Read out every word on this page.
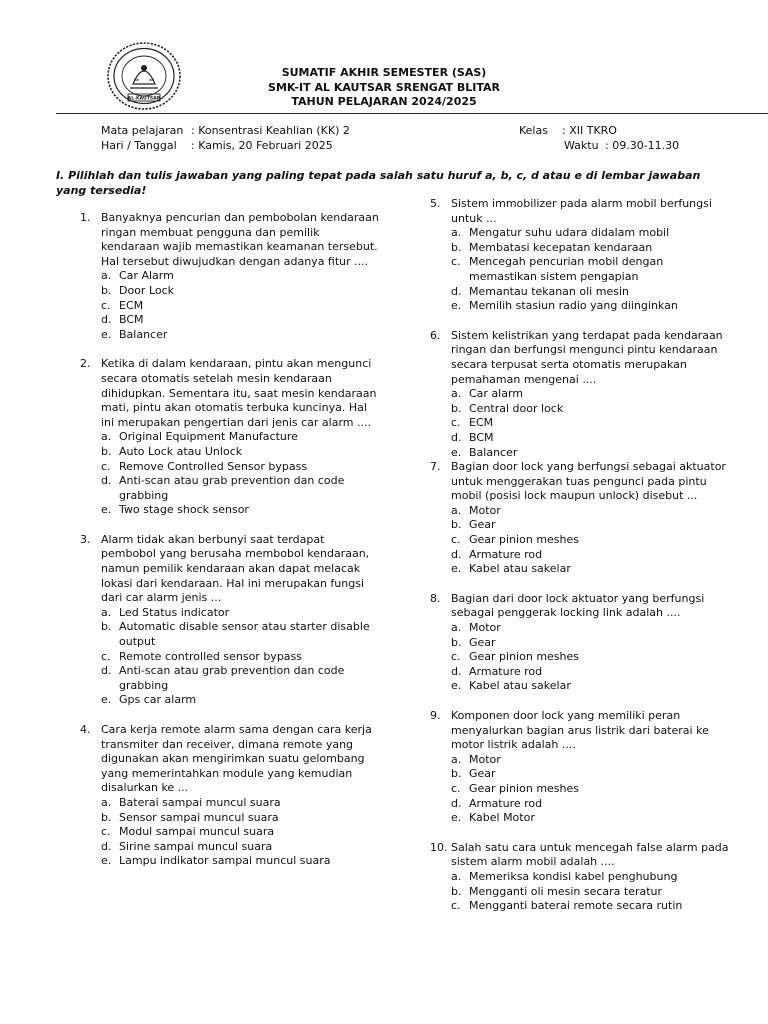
AL-KAUTSAR
SUMATIF AKHIR SEMESTER (SAS)
SMK-IT AL KAUTSAR SRENGAT BLITAR
TAHUN PELAJARAN 2024/2025
Mata pelajaran : Konsentrasi Keahlian (KK) 2
Hari / Tanggal : Kamis, 20 Februari 2025
Kelas : XII TKRO
Waktu : 09.30-11.30
I. Pilihlah dan tulis jawaban yang paling tepat pada salah satu huruf a, b, c, d atau e di lembar jawaban yang tersedia!
1. Banyaknya pencurian dan pembobolan kendaraan ringan membuat pengguna dan pemilik kendaraan wajib memastikan keamanan tersebut. Hal tersebut diwujudkan dengan adanya fitur ....
a. Car Alarm
b. Door Lock
c. ECM
d. BCM
e. Balancer
2. Ketika di dalam kendaraan, pintu akan mengunci secara otomatis setelah mesin kendaraan dihidupkan. Sementara itu, saat mesin kendaraan mati, pintu akan otomatis terbuka kuncinya. Hal ini merupakan pengertian dari jenis car alarm ....
a. Original Equipment Manufacture
b. Auto Lock atau Unlock
c. Remove Controlled Sensor bypass
d. Anti-scan atau grab prevention dan code grabbing
e. Two stage shock sensor
3. Alarm tidak akan berbunyi saat terdapat pembobol yang berusaha membobol kendaraan, namun pemilik kendaraan akan dapat melacak lokasi dari kendaraan. Hal ini merupakan fungsi dari car alarm jenis ...
a. Led Status indicator
b. Automatic disable sensor atau starter disable output
c. Remote controlled sensor bypass
d. Anti-scan atau grab prevention dan code grabbing
e. Gps car alarm
4. Cara kerja remote alarm sama dengan cara kerja transmiter dan receiver, dimana remote yang digunakan akan mengirimkan suatu gelombang yang memerintahkan module yang kemudian disalurkan ke ...
a. Baterai sampai muncul suara
b. Sensor sampai muncul suara
c. Modul sampai muncul suara
d. Sirine sampai muncul suara
e. Lampu indikator sampai muncul suara
5. Sistem immobilizer pada alarm mobil berfungsi untuk ...
a. Mengatur suhu udara didalam mobil
b. Membatasi kecepatan kendaraan
c. Mencegah pencurian mobil dengan memastikan sistem pengapian
d. Memantau tekanan oli mesin
e. Memilih stasiun radio yang diinginkan
6. Sistem kelistrikan yang terdapat pada kendaraan ringan dan berfungsi mengunci pintu kendaraan secara terpusat serta otomatis merupakan pemahaman mengenai ....
a. Car alarm
b. Central door lock
c. ECM
d. BCM
e. Balancer
7. Bagian door lock yang berfungsi sebagai aktuator untuk menggerakan tuas pengunci pada pintu mobil (posisi lock maupun unlock) disebut ...
a. Motor
b. Gear
c. Gear pinion meshes
d. Armature rod
e. Kabel atau sakelar
8. Bagian dari door lock aktuator yang berfungsi sebagai penggerak locking link adalah ....
a. Motor
b. Gear
c. Gear pinion meshes
d. Armature rod
e. Kabel atau sakelar
9. Komponen door lock yang memiliki peran menyalurkan bagian arus listrik dari baterai ke motor listrik adalah ....
a. Motor
b. Gear
c. Gear pinion meshes
d. Armature rod
e. Kabel Motor
10. Salah satu cara untuk mencegah false alarm pada sistem alarm mobil adalah ....
a. Memeriksa kondisi kabel penghubung
b. Mengganti oli mesin secara teratur
c. Mengganti baterai remote secara rutin
